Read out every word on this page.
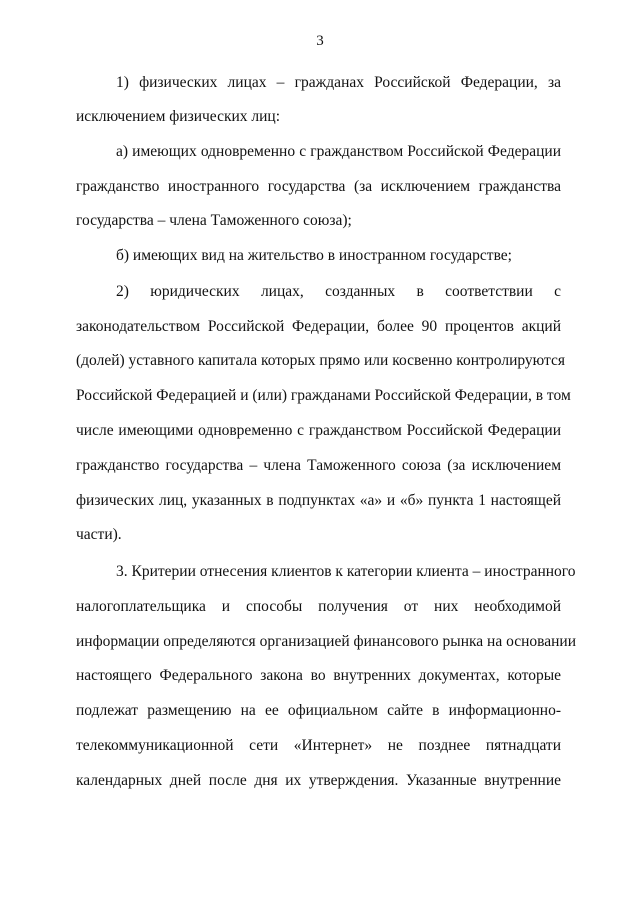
3
1) физических лицах – гражданах Российской Федерации, за
исключением физических лиц:
а) имеющих одновременно с гражданством Российской Федерации
гражданство иностранного государства (за исключением гражданства
государства – члена Таможенного союза);
б) имеющих вид на жительство в иностранном государстве;
2) юридических лицах, созданных в соответствии с
законодательством Российской Федерации, более 90 процентов акций
(долей) уставного капитала которых прямо или косвенно контролируются
Российской Федерацией и (или) гражданами Российской Федерации, в том
числе имеющими одновременно с гражданством Российской Федерации
гражданство государства – члена Таможенного союза (за исключением
физических лиц, указанных в подпунктах «а» и «б» пункта 1 настоящей
части).
3. Критерии отнесения клиентов к категории клиента – иностранного
налогоплательщика и способы получения от них необходимой
информации определяются организацией финансового рынка на основании
настоящего Федерального закона во внутренних документах, которые
подлежат размещению на ее официальном сайте в информационно-
телекоммуникационной сети «Интернет» не позднее пятнадцати
календарных дней после дня их утверждения. Указанные внутренние
